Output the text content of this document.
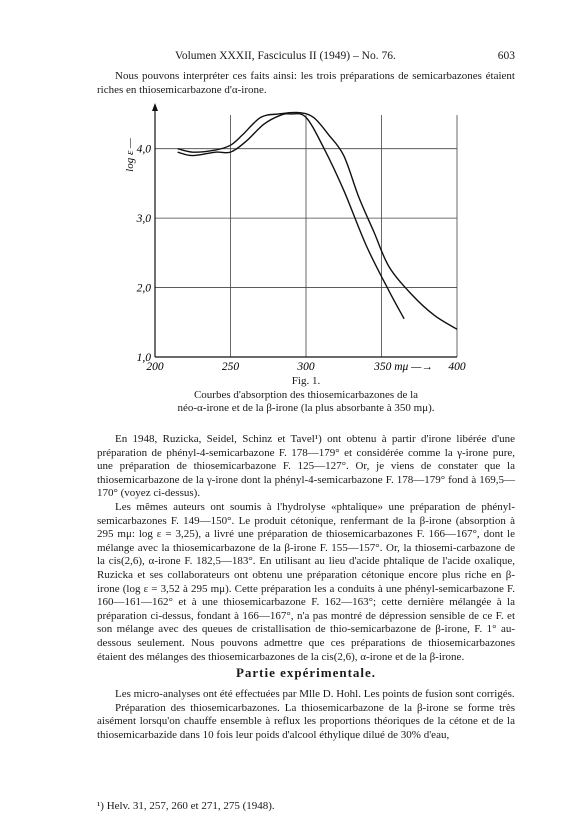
Volumen XXXII, Fasciculus II (1949) – No. 76.	603

Nous pouvons interpréter ces faits ainsi: les trois préparations de semicarbazones étaient riches en thiosemicarbazone d'α-irone.

1,0
2,0
3,0
4,0
200	250	300	350 mμ —→ 400
log ε —
Fig. 1.
Courbes d'absorption des thiosemicarbazones de la
néo-α-irone et de la β-irone (la plus absorbante à 350 mμ).

En 1948, Ruzicka, Seidel, Schinz et Tavel¹) ont obtenu à partir d'irone libérée d'une préparation de phényl-4-semicarbazone F. 178—179° et considérée comme la γ-irone pure, une préparation de thiosemicarbazone F. 125—127°. Or, je viens de constater que la thiosemicarbazone de la γ-irone dont la phényl-4-semicarbazone F. 178—179° fond à 169,5—170° (voyez ci-dessus).

Les mêmes auteurs ont soumis à l'hydrolyse «phtalique» une préparation de phényl-semicarbazones F. 149—150°. Le produit cétonique, renfermant de la β-irone (absorption à 295 mμ: log ε = 3,25), a livré une préparation de thiosemicarbazones F. 166—167°, dont le mélange avec la thiosemicarbazone de la β-irone F. 155—157°. Or, la thiosemi-carbazone de la cis(2,6), α-irone F. 182,5—183°. En utilisant au lieu d'acide phtalique de l'acide oxalique, Ruzicka et ses collaborateurs ont obtenu une préparation cétonique encore plus riche en β-irone (log ε = 3,52 à 295 mμ). Cette préparation les a conduits à une phényl-semicarbazone F. 160—161—162° et à une thiosemicarbazone F. 162—163°; cette dernière mélangée à la préparation ci-dessus, fondant à 166—167°, n'a pas montré de dépression sensible de ce F. et son mélange avec des queues de cristallisation de thio-semicarbazone de β-irone, F. 1° au-dessous seulement. Nous pouvons admettre que ces préparations de thiosemicarbazones étaient des mélanges des thiosemicarbazones de la cis(2,6), α-irone et de la β-irone.

Partie expérimentale.

Les micro-analyses ont été effectuées par Mlle D. Hohl. Les points de fusion sont corrigés.

Préparation des thiosemicarbazones. La thiosemicarbazone de la β-irone se forme très aisément lorsqu'on chauffe ensemble à reflux les proportions théoriques de la cétone et de la thiosemicarbazide dans 10 fois leur poids d'alcool éthylique dilué de 30% d'eau,

¹) Helv. 31, 257, 260 et 271, 275 (1948).
